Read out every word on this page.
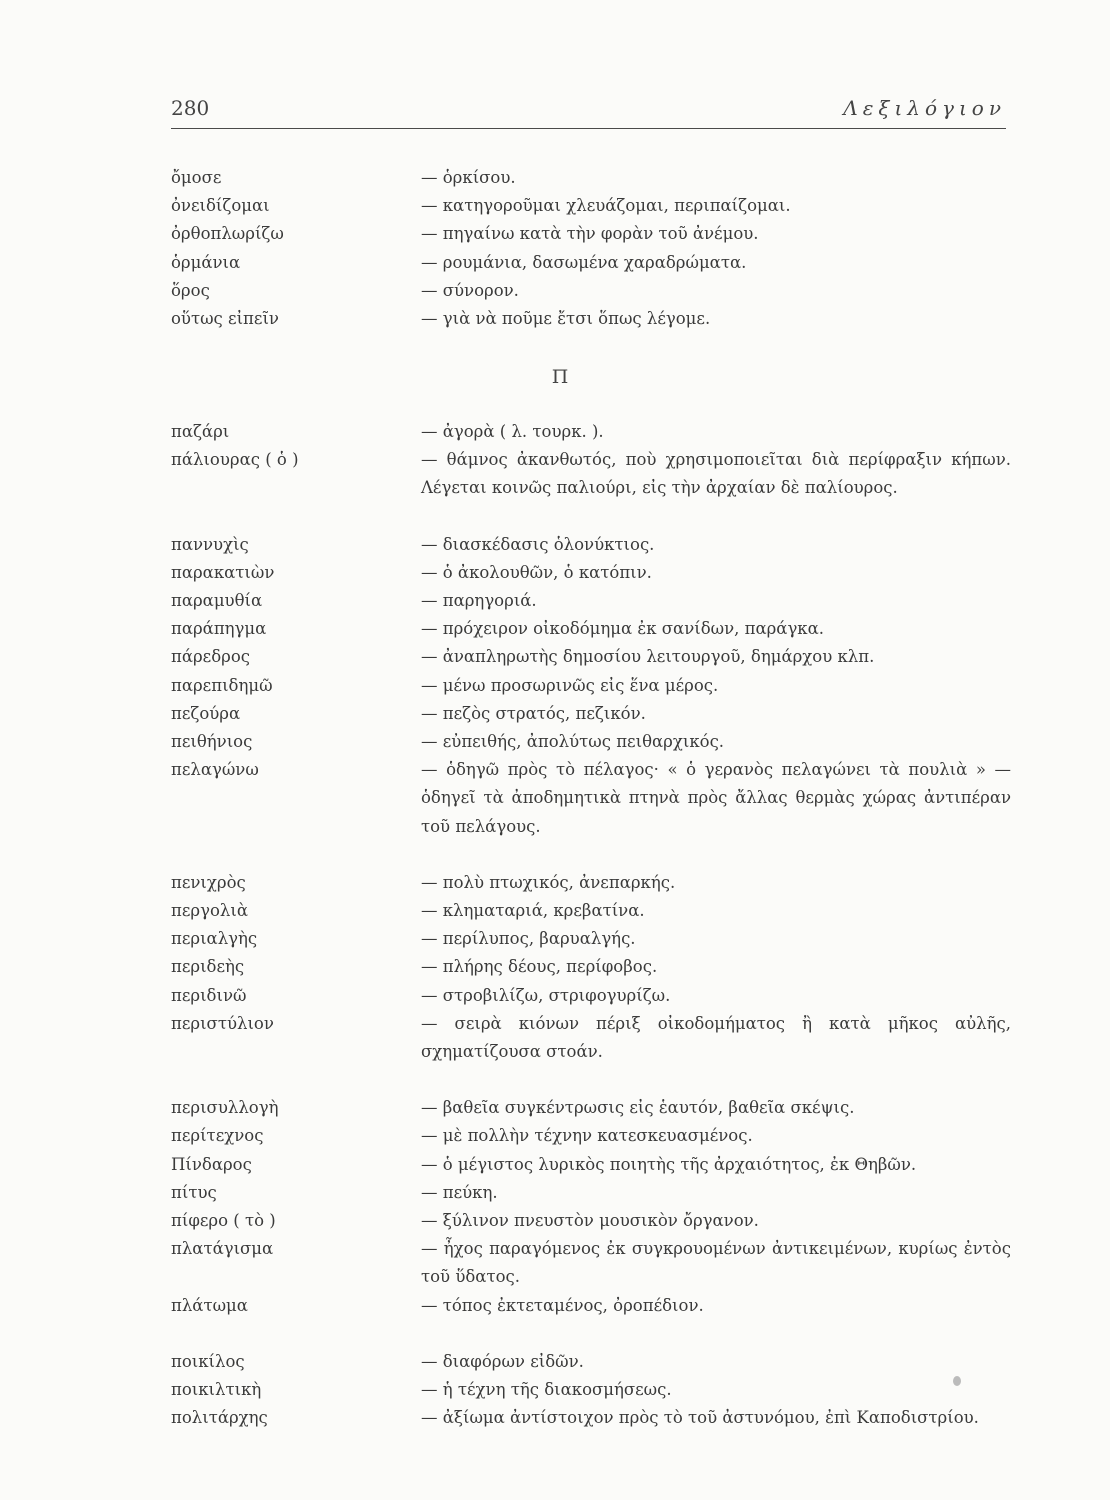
280	Λεξιλόγιον
ὄμοσε	— ὁρκίσου.
ὀνειδίζομαι	— κατηγοροῦμαι χλευάζομαι, περιπαίζομαι.
ὀρθοπλωρίζω	— πηγαίνω κατὰ τὴν φορὰν τοῦ ἀνέμου.
ὁρμάνια	— ρουμάνια, δασωμένα χαραδρώματα.
ὅρος	— σύνορον.
οὕτως εἰπεῖν	— γιὰ νὰ ποῦμε ἔτσι ὅπως λέγομε.
Π
παζάρι	— ἀγορὰ ( λ. τουρκ. ).
πάλιουρας ( ὁ )	— θάμνος ἀκανθωτός, ποὺ χρησιμοποιεῖται διὰ περίφραξιν κήπων. Λέγεται κοινῶς παλιούρι, εἰς τὴν ἀρχαίαν δὲ παλίουρος.
παννυχὶς	— διασκέδασις ὁλονύκτιος.
παρακατιὼν	— ὁ ἀκολουθῶν, ὁ κατόπιν.
παραμυθία	— παρηγοριά.
παράπηγμα	— πρόχειρον οἰκοδόμημα ἐκ σανίδων, παράγκα.
πάρεδρος	— ἀναπληρωτὴς δημοσίου λειτουργοῦ, δημάρχου κλπ.
παρεπιδημῶ	— μένω προσωρινῶς εἰς ἕνα μέρος.
πεζούρα	— πεζὸς στρατός, πεζικόν.
πειθήνιος	— εὐπειθής, ἀπολύτως πειθαρχικός.
πελαγώνω	— ὁδηγῶ πρὸς τὸ πέλαγος· « ὁ γερανὸς πελαγώνει τὰ πουλιὰ » — ὁδηγεῖ τὰ ἀποδημητικὰ πτηνὰ πρὸς ἄλλας θερμὰς χώρας ἀντιπέραν τοῦ πελάγους.
πενιχρὸς	— πολὺ πτωχικός, ἀνεπαρκής.
περγολιὰ	— κληματαριά, κρεβατίνα.
περιαλγὴς	— περίλυπος, βαρυαλγής.
περιδεὴς	— πλήρης δέους, περίφοβος.
περιδινῶ	— στροβιλίζω, στριφογυρίζω.
περιστύλιον	— σειρὰ κιόνων πέριξ οἰκοδομήματος ἢ κατὰ μῆκος αὐλῆς, σχηματίζουσα στοάν.
περισυλλογὴ	— βαθεῖα συγκέντρωσις εἰς ἑαυτόν, βαθεῖα σκέψις.
περίτεχνος	— μὲ πολλὴν τέχνην κατεσκευασμένος.
Πίνδαρος	— ὁ μέγιστος λυρικὸς ποιητὴς τῆς ἀρχαιότητος, ἐκ Θηβῶν.
πίτυς	— πεύκη.
πίφερο ( τὸ )	— ξύλινον πνευστὸν μουσικὸν ὄργανον.
πλατάγισμα	— ἦχος παραγόμενος ἐκ συγκρουομένων ἀντικειμένων, κυρίως ἐντὸς τοῦ ὕδατος.
πλάτωμα	— τόπος ἐκτεταμένος, ὀροπέδιον.
ποικίλος	— διαφόρων εἰδῶν.
ποικιλτικὴ	— ἡ τέχνη τῆς διακοσμήσεως.
πολιτάρχης	— ἀξίωμα ἀντίστοιχον πρὸς τὸ τοῦ ἀστυνόμου, ἐπὶ Καποδιστρίου.
